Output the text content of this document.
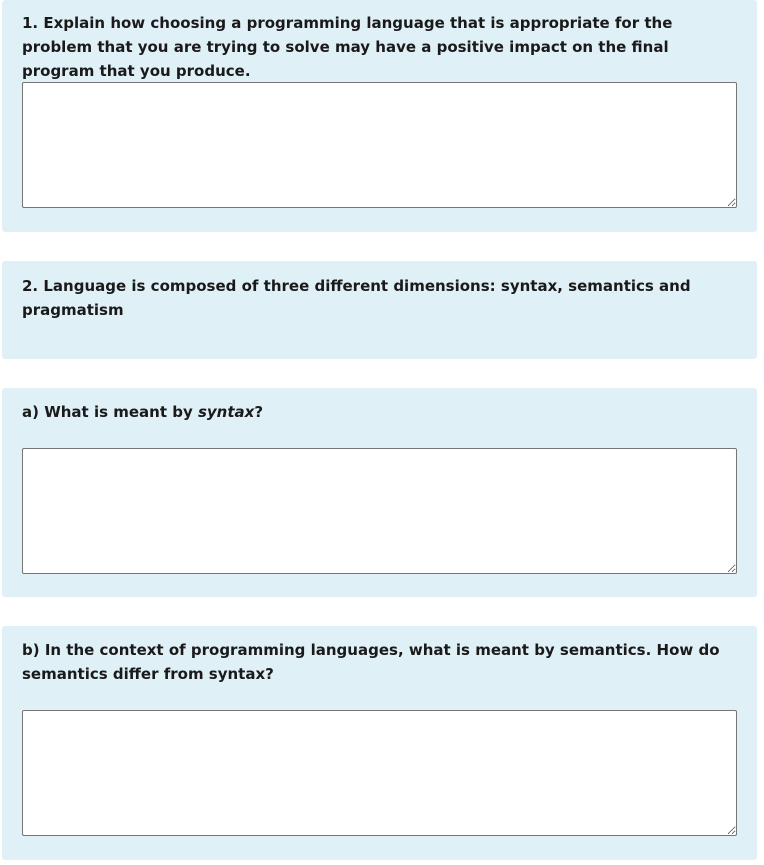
1. Explain how choosing a programming language that is appropriate for the problem that you are trying to solve may have a positive impact on the final program that you produce.

2. Language is composed of three different dimensions: syntax, semantics and pragmatism

a) What is meant by syntax?

b) In the context of programming languages, what is meant by semantics. How do semantics differ from syntax?
